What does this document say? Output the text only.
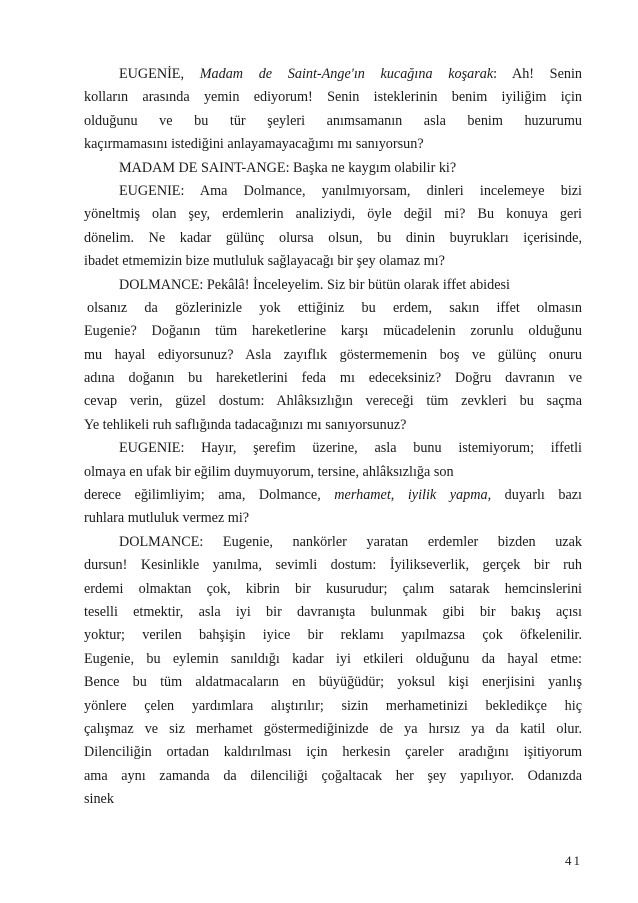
EUGENİE, Madam de Saint-Ange'ın kucağına koşarak: Ah! Senin
kolların arasında yemin ediyorum! Senin isteklerinin benim iyiliğim için
olduğunu ve bu tür şeyleri anımsamanın asla benim huzurumu
kaçırmamasını istediğini anlayamayacağımı mı sanıyorsun?
MADAM DE SAINT-ANGE: Başka ne kaygım olabilir ki?
EUGENIE: Ama Dolmance, yanılmıyorsam, dinleri incelemeye bizi
yöneltmiş olan şey, erdemlerin analiziydi, öyle değil mi? Bu konuya geri
dönelim. Ne kadar gülünç olursa olsun, bu dinin buyrukları içerisinde,
ibadet etmemizin bize mutluluk sağlayacağı bir şey olamaz mı?
DOLMANCE: Pekâlâ! İnceleyelim. Siz bir bütün olarak iffet abidesi
olsanız da gözlerinizle yok ettiğiniz bu erdem, sakın iffet olmasın
Eugenie? Doğanın tüm hareketlerine karşı mücadelenin zorunlu olduğunu
mu hayal ediyorsunuz? Asla zayıflık göstermemenin boş ve gülünç onuru
adına doğanın bu hareketlerini feda mı edeceksiniz? Doğru davranın ve
cevap verin, güzel dostum: Ahlâksızlığın vereceği tüm zevkleri bu saçma
Ye tehlikeli ruh saflığında tadacağınızı mı sanıyorsunuz?
EUGENIE: Hayır, şerefim üzerine, asla bunu istemiyorum; iffetli
olmaya en ufak bir eğilim duymuyorum, tersine, ahlâksızlığa son
derece eğilimliyim; ama, Dolmance, merhamet, iyilik yapma, duyarlı bazı
ruhlara mutluluk vermez mi?
DOLMANCE: Eugenie, nankörler yaratan erdemler bizden uzak
dursun! Kesinlikle yanılma, sevimli dostum: İyilikseverlik, gerçek bir ruh
erdemi olmaktan çok, kibrin bir kusurudur; çalım satarak hemcinslerini
teselli etmektir, asla iyi bir davranışta bulunmak gibi bir bakış açısı
yoktur; verilen bahşişin iyice bir reklamı yapılmazsa çok öfkelenilir.
Eugenie, bu eylemin sanıldığı kadar iyi etkileri olduğunu da hayal etme:
Bence bu tüm aldatmacaların en büyüğüdür; yoksul kişi enerjisini yanlış
yönlere çelen yardımlara alıştırılır; sizin merhametinizi bekledikçe hiç
çalışmaz ve siz merhamet göstermediğinizde de ya hırsız ya da katil olur.
Dilenciliğin ortadan kaldırılması için herkesin çareler aradığını işitiyorum
ama aynı zamanda da dilenciliği çoğaltacak her şey yapılıyor. Odanızda
sinek
41
